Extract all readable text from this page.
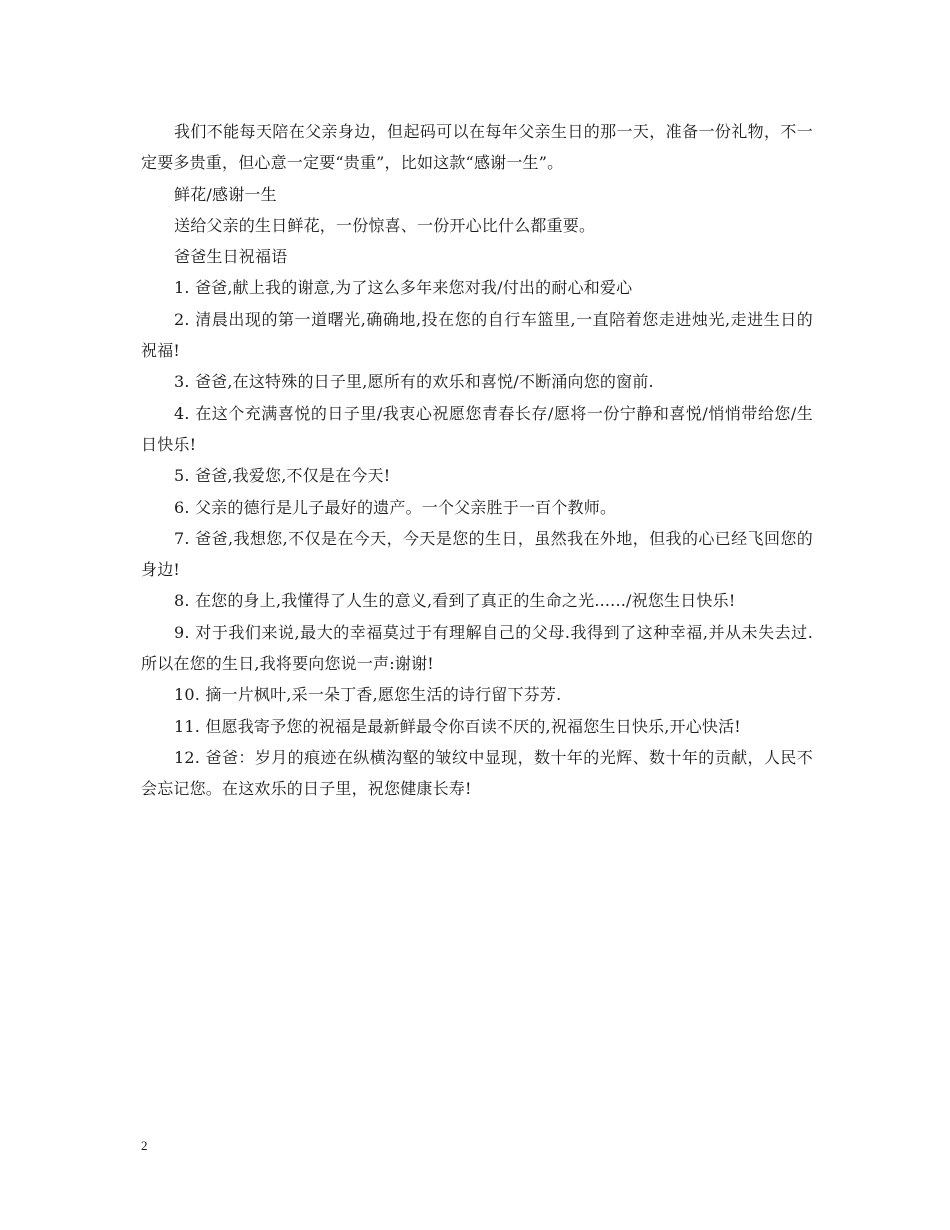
我们不能每天陪在父亲身边，但起码可以在每年父亲生日的那一天，准备一份礼物，不一定要多贵重，但心意一定要“贵重”，比如这款“感谢一生”。

鲜花/感谢一生

送给父亲的生日鲜花，一份惊喜、一份开心比什么都重要。

爸爸生日祝福语

1. 爸爸,献上我的谢意,为了这么多年来您对我/付出的耐心和爱心

2. 清晨出现的第一道曙光,确确地,投在您的自行车篮里,一直陪着您走进烛光,走进生日的祝福!

3. 爸爸,在这特殊的日子里,愿所有的欢乐和喜悦/不断涌向您的窗前.

4. 在这个充满喜悦的日子里/我衷心祝愿您青春长存/愿将一份宁静和喜悦/悄悄带给您/生日快乐!

5. 爸爸,我爱您,不仅是在今天!

6. 父亲的德行是儿子最好的遗产。一个父亲胜于一百个教师。

7. 爸爸,我想您,不仅是在今天，今天是您的生日，虽然我在外地，但我的心已经飞回您的身边!

8. 在您的身上,我懂得了人生的意义,看到了真正的生命之光....../祝您生日快乐!

9. 对于我们来说,最大的幸福莫过于有理解自己的父母.我得到了这种幸福,并从未失去过.所以在您的生日,我将要向您说一声:谢谢!

10. 摘一片枫叶,采一朵丁香,愿您生活的诗行留下芬芳.

11. 但愿我寄予您的祝福是最新鲜最令你百读不厌的,祝福您生日快乐,开心快活!

12. 爸爸：岁月的痕迹在纵横沟壑的皱纹中显现，数十年的光辉、数十年的贡献，人民不会忘记您。在这欢乐的日子里，祝您健康长寿!

2
